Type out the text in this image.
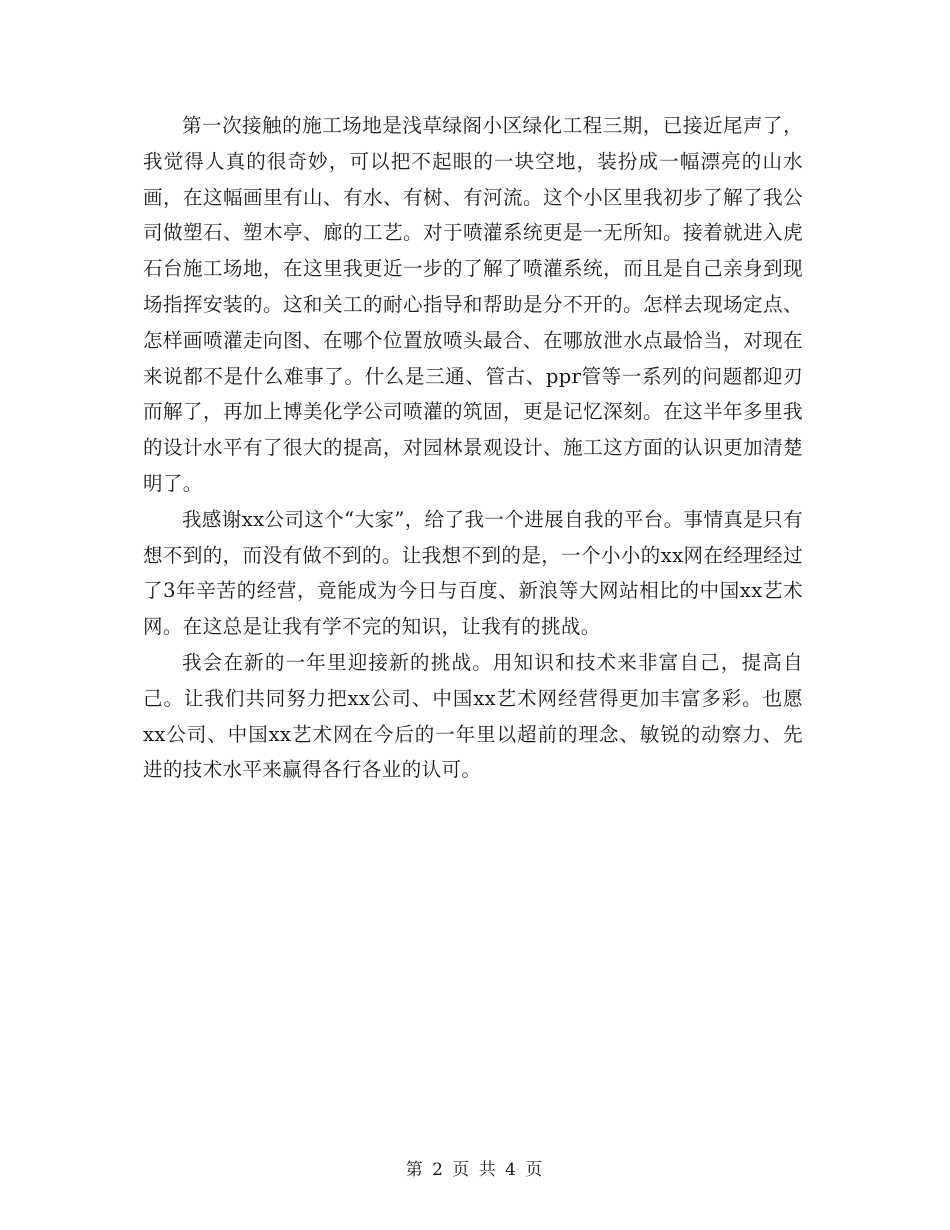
第一次接触的施工场地是浅草绿阁小区绿化工程三期，已接近尾声了，我觉得人真的很奇妙，可以把不起眼的一块空地，装扮成一幅漂亮的山水画，在这幅画里有山、有水、有树、有河流。这个小区里我初步了解了我公司做塑石、塑木亭、廊的工艺。对于喷灌系统更是一无所知。接着就进入虎石台施工场地，在这里我更近一步的了解了喷灌系统，而且是自己亲身到现场指挥安装的。这和关工的耐心指导和帮助是分不开的。怎样去现场定点、怎样画喷灌走向图、在哪个位置放喷头最合、在哪放泄水点最恰当，对现在来说都不是什么难事了。什么是三通、管古、ppr管等一系列的问题都迎刃而解了，再加上博美化学公司喷灌的筑固，更是记忆深刻。在这半年多里我的设计水平有了很大的提高，对园林景观设计、施工这方面的认识更加清楚明了。

我感谢xx公司这个“大家”，给了我一个进展自我的平台。事情真是只有想不到的，而没有做不到的。让我想不到的是，一个小小的xx网在经理经过了3年辛苦的经营，竟能成为今日与百度、新浪等大网站相比的中国xx艺术网。在这总是让我有学不完的知识，让我有的挑战。

我会在新的一年里迎接新的挑战。用知识和技术来非富自己，提高自己。让我们共同努力把xx公司、中国xx艺术网经营得更加丰富多彩。也愿xx公司、中国xx艺术网在今后的一年里以超前的理念、敏锐的动察力、先进的技术水平来赢得各行各业的认可。

第 2 页 共 4 页
